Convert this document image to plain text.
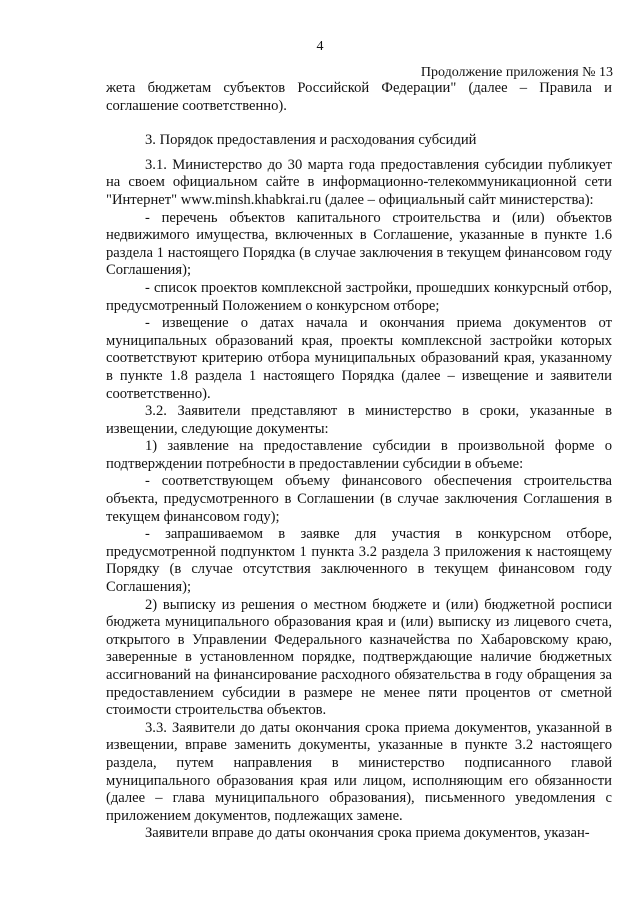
4
Продолжение приложения № 13

жета бюджетам субъектов Российской Федерации" (далее – Правила и соглашение соответственно).

3. Порядок предоставления и расходования субсидий

3.1. Министерство до 30 марта года предоставления субсидии публикует на своем официальном сайте в информационно-телекоммуникационной сети "Интернет" www.minsh.khabkrai.ru (далее – официальный сайт министерства):

- перечень объектов капитального строительства и (или) объектов недвижимого имущества, включенных в Соглашение, указанные в пункте 1.6 раздела 1 настоящего Порядка (в случае заключения в текущем финансовом году Соглашения);

- список проектов комплексной застройки, прошедших конкурсный отбор, предусмотренный Положением о конкурсном отборе;

- извещение о датах начала и окончания приема документов от муниципальных образований края, проекты комплексной застройки которых соответствуют критерию отбора муниципальных образований края, указанному в пункте 1.8 раздела 1 настоящего Порядка (далее – извещение и заявители соответственно).

3.2. Заявители представляют в министерство в сроки, указанные в извещении, следующие документы:

1) заявление на предоставление субсидии в произвольной форме о подтверждении потребности в предоставлении субсидии в объеме:

- соответствующем объему финансового обеспечения строительства объекта, предусмотренного в Соглашении (в случае заключения Соглашения в текущем финансовом году);

- запрашиваемом в заявке для участия в конкурсном отборе, предусмотренной подпунктом 1 пункта 3.2 раздела 3 приложения к настоящему Порядку (в случае отсутствия заключенного в текущем финансовом году Соглашения);

2) выписку из решения о местном бюджете и (или) бюджетной росписи бюджета муниципального образования края и (или) выписку из лицевого счета, открытого в Управлении Федерального казначейства по Хабаровскому краю, заверенные в установленном порядке, подтверждающие наличие бюджетных ассигнований на финансирование расходного обязательства в году обращения за предоставлением субсидии в размере не менее пяти процентов от сметной стоимости строительства объектов.

3.3. Заявители до даты окончания срока приема документов, указанной в извещении, вправе заменить документы, указанные в пункте 3.2 настоящего раздела, путем направления в министерство подписанного главой муниципального образования края или лицом, исполняющим его обязанности (далее – глава муниципального образования), письменного уведомления с приложением документов, подлежащих замене.

Заявители вправе до даты окончания срока приема документов, указан-
